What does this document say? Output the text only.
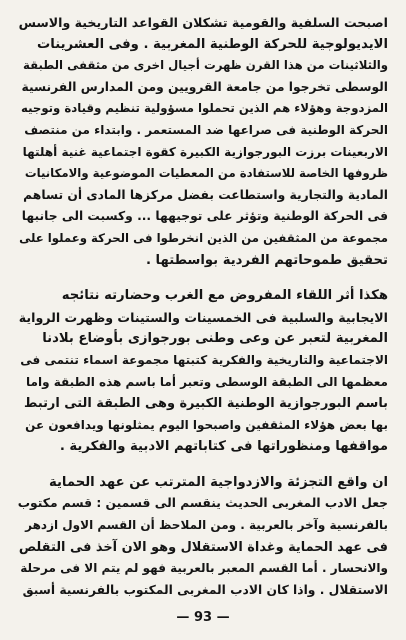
اصبحت السلفية والقومية تشكلان القواعد التاريخية والاسس
الايديولوجية للحركة الوطنية المغربية . وفى العشرينات
والثلاثينات من هذا القرن ظهرت أجيال اخرى من مثقفى الطبقة
الوسطى تخرجوا من جامعة القرويين ومن المدارس الفرنسية
المزدوجة وهؤلاء هم الذين تحملوا مسؤولية تنظيم وقيادة وتوجيه
الحركة الوطنية فى صراعها ضد المستعمر . وابتداء من منتصف
الاربعينات برزت البورجوازية الكبيرة كقوة اجتماعية غنية أهلتها
ظروفها الخاصة للاستفادة من المعطيات الموضوعية والامكانيات
المادية والتجارية واستطاعت بفضل مركزها المادى أن تساهم
فى الحركة الوطنية وتؤثر على توجيهها ... وكسبت الى جانبها
مجموعة من المثقفين من الذين انخرطوا فى الحركة وعملوا على
تحقيق طموحاتهم الفردية بواسطتها .

هكذا أثر اللقاء المفروض مع الغرب وحضارته نتائجه
الايجابية والسلبية فى الخمسينات والستينات وظهرت الرواية
المغربية لتعبر عن وعى وطنى بورجوازى بأوضاع بلادنا
الاجتماعية والتاريخية والفكرية كتبتها مجموعة اسماء تنتمى فى
معظمها الى الطبقة الوسطى وتعبر أما باسم هذه الطبقة واما
باسم البورجوازية الوطنية الكبيرة وهى الطبقة التى ارتبط
بها بعض هؤلاء المثقفين واصبحوا اليوم يمثلونها ويدافعون عن
مواقفها ومنظوراتها فى كتاباتهم الادبية والفكرية .

ان واقع التجزئة والازدواجية المترتب عن عهد الحماية
جعل الادب المغربى الحديث ينقسم الى قسمين : قسم مكتوب
بالفرنسية وآخر بالعربية . ومن الملاحظ أن القسم الاول ازدهر
فى عهد الحماية وغداة الاستقلال وهو الان آخذ فى التقلص
والانحسار . أما القسم المعبر بالعربية فهو لم يتم الا فى مرحلة
الاستقلال . واذا كان الادب المغربى المكتوب بالفرنسية أسبق

— 93 —
